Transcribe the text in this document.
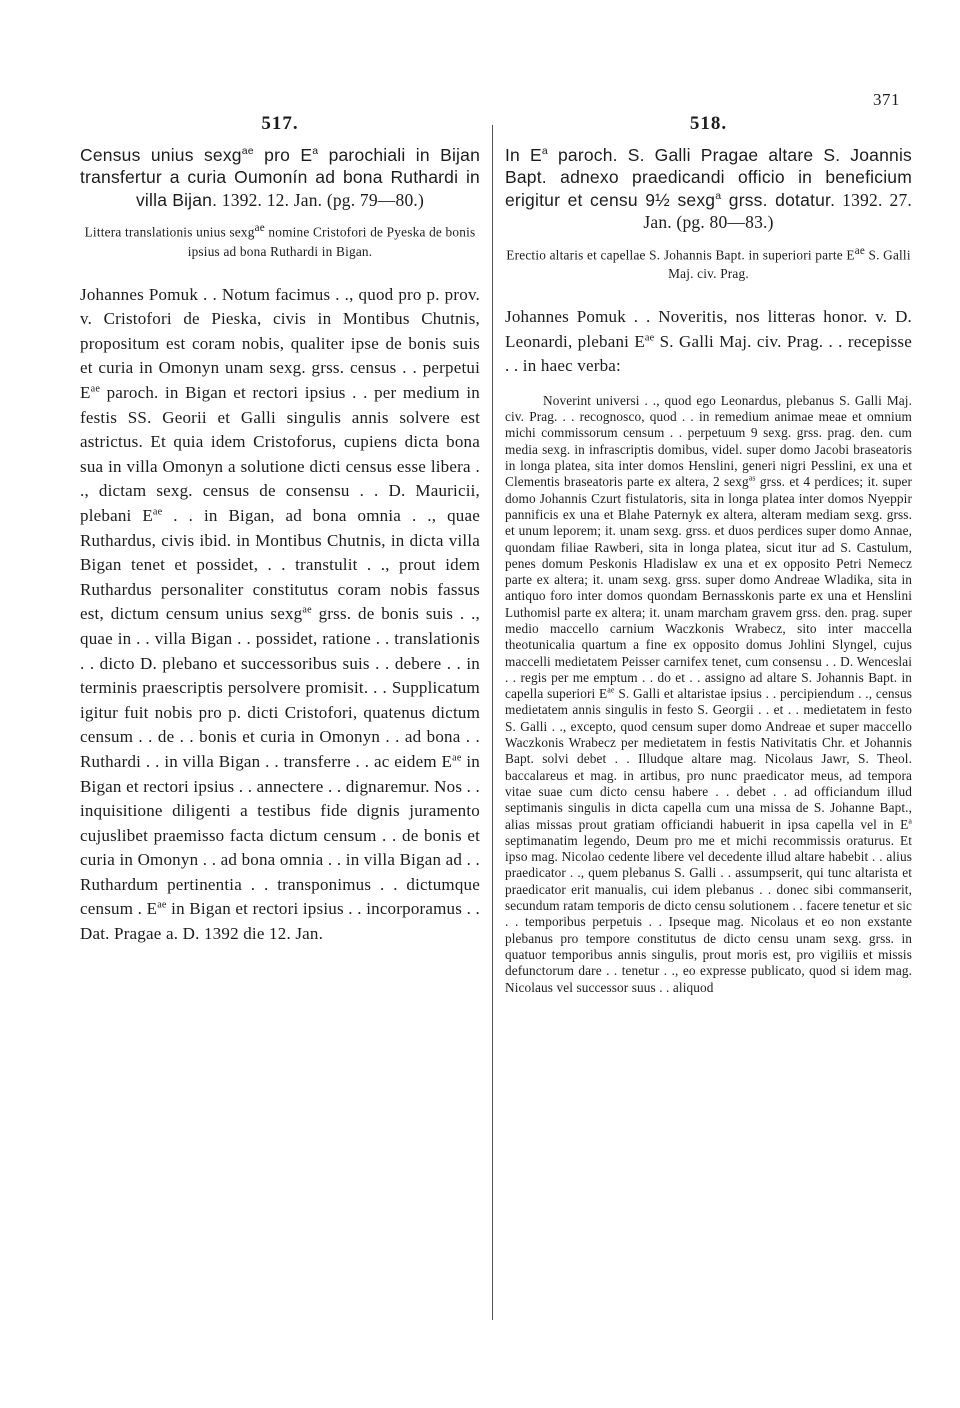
371
517.

Census unius sexg$^{ae}$ pro $E^a$ parochiali in Bijan transfertur a curia Oumonín ad bona Ruthardi in villa Bijan. 1392. 12. Jan. (pg. 79—80.)

Littera translationis unius sexg$^{ae}$ nomine Cristofori de Pyeska de bonis ipsius ad bona Ruthardi in Bigan.

Johannes Pomuk . . Notum facimus . ., quod pro p. prov. v. Cristofori de Pieska, civis in Montibus Chutnis, propositum est coram nobis, qualiter ipse de bonis suis et curia in Omonyn unam sexg. grss. census . . perpetui $E^{ae}$ paroch. in Bigan et rectori ipsius . . per medium in festis SS. Georii et Galli singulis annis solvere est astrictus. Et quia idem Cristoforus, cupiens dicta bona sua in villa Omonyn a solutione dicti census esse libera . ., dictam sexg. census de consensu . . D. Mauricii, plebani $E^{ae}$ . . in Bigan, ad bona omnia . ., quae Ruthardus, civis ibid. in Montibus Chutnis, in dicta villa Bigan tenet et possidet, . . transtulit . ., prout idem Ruthardus personaliter constitutus coram nobis fassus est, dictum censum unius sexg$^{ae}$ grss. de bonis suis . ., quae in . . villa Bigan . . possidet, ratione . . translationis . . dicto D. plebano et successoribus suis . . debere . . in terminis praescriptis persolvere promisit. . . Supplicatum igitur fuit nobis pro p. dicti Cristofori, quatenus dictum censum . . de . . bonis et curia in Omonyn . . ad bona . . Ruthardi . . in villa Bigan . . transferre . . ac eidem $E^{ae}$ in Bigan et rectori ipsius . . annectere . . dignaremur. Nos . . inquisitione diligenti a testibus fide dignis juramento cujuslibet praemisso facta dictum censum . . de bonis et curia in Omonyn . . ad bona omnia . . in villa Bigan ad . . Ruthardum pertinentia . . transponimus . . dictumque censum . $E^{ae}$ in Bigan et rectori ipsius . . incorporamus . . Dat. Pragae a. D. 1392 die 12. Jan.

518.

In $E^a$ paroch. S. Galli Pragae altare S. Joannis Bapt. adnexo praedicandi officio in beneficium erigitur et censu 9½ sexg$^a$ grss. dotatur. 1392. 27. Jan. (pg. 80—83.)

Erectio altaris et capellae S. Johannis Bapt. in superiori parte $E^{ae}$ S. Galli Maj. civ. Prag.

Johannes Pomuk . . Noveritis, nos litteras honor. v. D. Leonardi, plebani $E^{ae}$ S. Galli Maj. civ. Prag. . . recepisse . . in haec verba:

Noverint universi . ., quod ego Leonardus, plebanus S. Galli Maj. civ. Prag. . . recognosco, quod . . in remedium animae meae et omnium michi commissorum censum . . perpetuum 9 sexg. grss. prag. den. cum media sexg. in infrascriptis domibus, videl. super domo Jacobi braseatoris in longa platea, sita inter domos Henslini, generi nigri Pesslini, ex una et Clementis braseatoris parte ex altera, 2 sexg$^{as}$ grss. et 4 perdices; it. super domo Johannis Czurt fistulatoris, sita in longa platea inter domos Nyeppir pannificis ex una et Blahe Paternyk ex altera, alteram mediam sexg. grss. et unum leporem; it. unam sexg. grss. et duos perdices super domo Annae, quondam filiae Rawberi, sita in longa platea, sicut itur ad S. Castulum, penes domum Peskonis Hladislaw ex una et ex opposito Petri Nemecz parte ex altera; it. unam sexg. grss. super domo Andreae Wladika, sita in antiquo foro inter domos quondam Bernasskonis parte ex una et Henslini Luthomisl parte ex altera; it. unam marcham gravem grss. den. prag. super medio maccello carnium Waczkonis Wrabecz, sito inter maccella theotunicalia quartum a fine ex opposito domus Johlini Slyngel, cujus maccelli medietatem Peisser carnifex tenet, cum consensu . . D. Wenceslai . . regis per me emptum . . do et . . assigno ad altare S. Johannis Bapt. in capella superiori $E^{ae}$ S. Galli et altaristae ipsius . . percipiendum . ., census medietatem annis singulis in festo S. Georgii . . et . . medietatem in festo S. Galli . ., excepto, quod censum super domo Andreae et super maccello Waczkonis Wrabecz per medietatem in festis Nativitatis Chr. et Johannis Bapt. solvi debet . . Illudque altare mag. Nicolaus Jawr, S. Theol. baccalareus et mag. in artibus, pro nunc praedicator meus, ad tempora vitae suae cum dicto censu habere . . debet . . ad officiandum illud septimanis singulis in dicta capella cum una missa de S. Johanne Bapt., alias missas prout gratiam officiandi habuerit in ipsa capella vel in $E^a$ septimanatim legendo, Deum pro me et michi recommissis oraturus. Et ipso mag. Nicolao cedente libere vel decedente illud altare habebit . . alius praedicator . ., quem plebanus S. Galli . . assumpserit, qui tunc altarista et praedicator erit manualis, cui idem plebanus . . donec sibi commanserit, secundum ratam temporis de dicto censu solutionem . . facere tenetur et sic . . temporibus perpetuis . . Ipseque mag. Nicolaus et eo non exstante plebanus pro tempore constitutus de dicto censu unam sexg. grss. in quatuor temporibus annis singulis, prout moris est, pro vigiliis et missis defunctorum dare . . tenetur . ., eo expresse publicato, quod si idem mag. Nicolaus vel successor suus . . aliquod
